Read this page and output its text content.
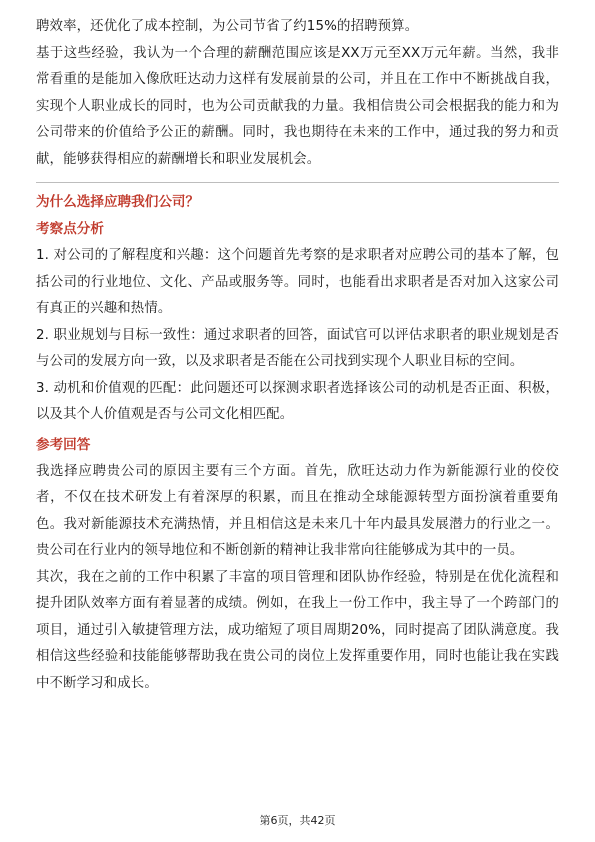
聘效率，还优化了成本控制，为公司节省了约15%的招聘预算。

基于这些经验，我认为一个合理的薪酬范围应该是XX万元至XX万元年薪。当然，我非常看重的是能加入像欣旺达动力这样有发展前景的公司，并且在工作中不断挑战自我，实现个人职业成长的同时，也为公司贡献我的力量。我相信贵公司会根据我的能力和为公司带来的价值给予公正的薪酬。同时，我也期待在未来的工作中，通过我的努力和贡献，能够获得相应的薪酬增长和职业发展机会。

为什么选择应聘我们公司？

考察点分析

1. 对公司的了解程度和兴趣：这个问题首先考察的是求职者对应聘公司的基本了解，包括公司的行业地位、文化、产品或服务等。同时，也能看出求职者是否对加入这家公司有真正的兴趣和热情。

2. 职业规划与目标一致性：通过求职者的回答，面试官可以评估求职者的职业规划是否与公司的发展方向一致，以及求职者是否能在公司找到实现个人职业目标的空间。

3. 动机和价值观的匹配：此问题还可以探测求职者选择该公司的动机是否正面、积极，以及其个人价值观是否与公司文化相匹配。

参考回答

我选择应聘贵公司的原因主要有三个方面。首先，欣旺达动力作为新能源行业的佼佼者，不仅在技术研发上有着深厚的积累，而且在推动全球能源转型方面扮演着重要角色。我对新能源技术充满热情，并且相信这是未来几十年内最具发展潜力的行业之一。贵公司在行业内的领导地位和不断创新的精神让我非常向往能够成为其中的一员。

其次，我在之前的工作中积累了丰富的项目管理和团队协作经验，特别是在优化流程和提升团队效率方面有着显著的成绩。例如，在我上一份工作中，我主导了一个跨部门的项目，通过引入敏捷管理方法，成功缩短了项目周期20%，同时提高了团队满意度。我相信这些经验和技能能够帮助我在贵公司的岗位上发挥重要作用，同时也能让我在实践中不断学习和成长。

第6页，共42页
